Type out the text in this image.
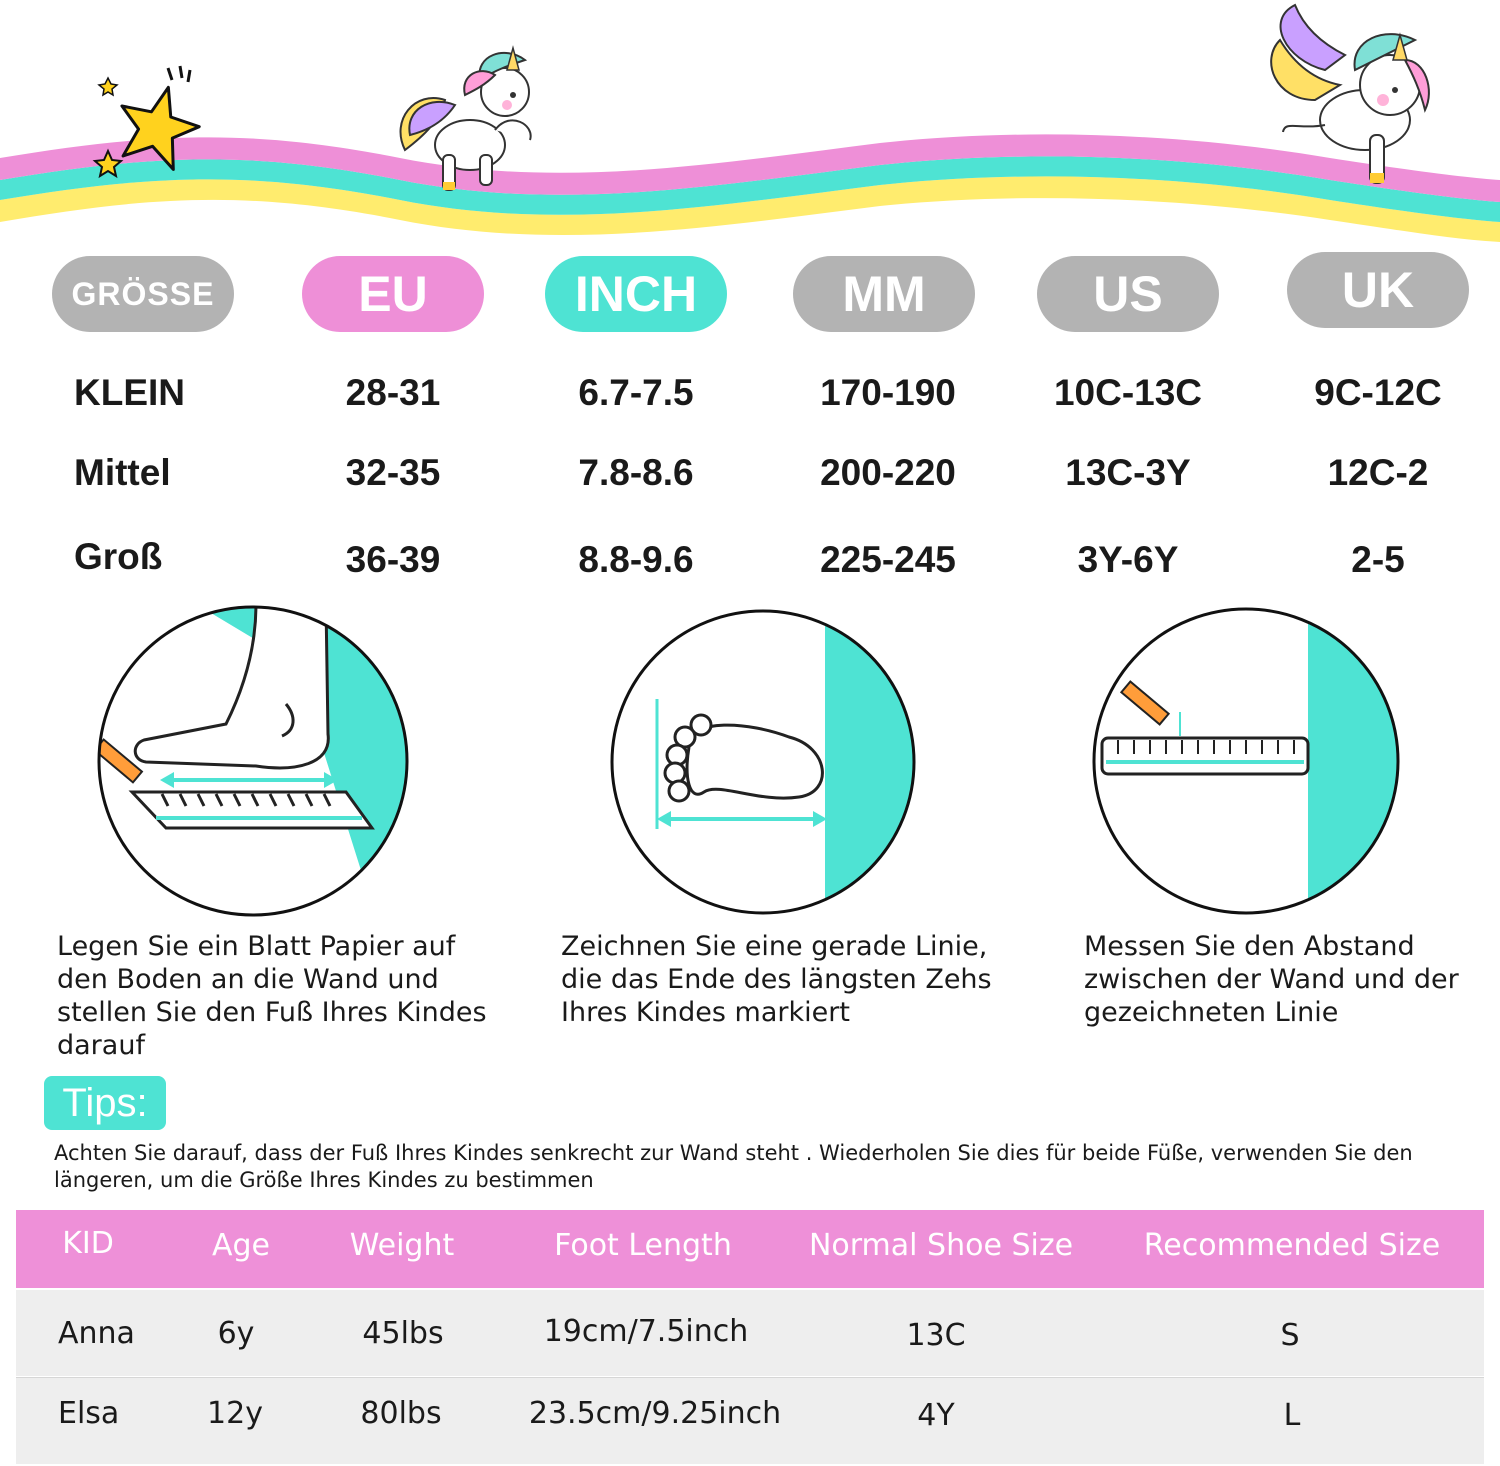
GRÖSSE	EU	INCH	MM	US	UK
KLEIN	28-31	6.7-7.5	170-190	10C-13C	9C-12C
Mittel	32-35	7.8-8.6	200-220	13C-3Y	12C-2
Groß	36-39	8.8-9.6	225-245	3Y-6Y	2-5
Legen Sie ein Blatt Papier auf den Boden an die Wand und stellen Sie den Fuß Ihres Kindes darauf
Zeichnen Sie eine gerade Linie, die das Ende des längsten Zehs Ihres Kindes markiert
Messen Sie den Abstand zwischen der Wand und der gezeichneten Linie
Tips:
Achten Sie darauf, dass der Fuß Ihres Kindes senkrecht zur Wand steht . Wiederholen Sie dies für beide Füße, verwenden Sie den längeren, um die Größe Ihres Kindes zu bestimmen
KID	Age	Weight	Foot Length	Normal Shoe Size	Recommended Size
Anna	6y	45lbs	19cm/7.5inch	13C	S
Elsa	12y	80lbs	23.5cm/9.25inch	4Y	L
